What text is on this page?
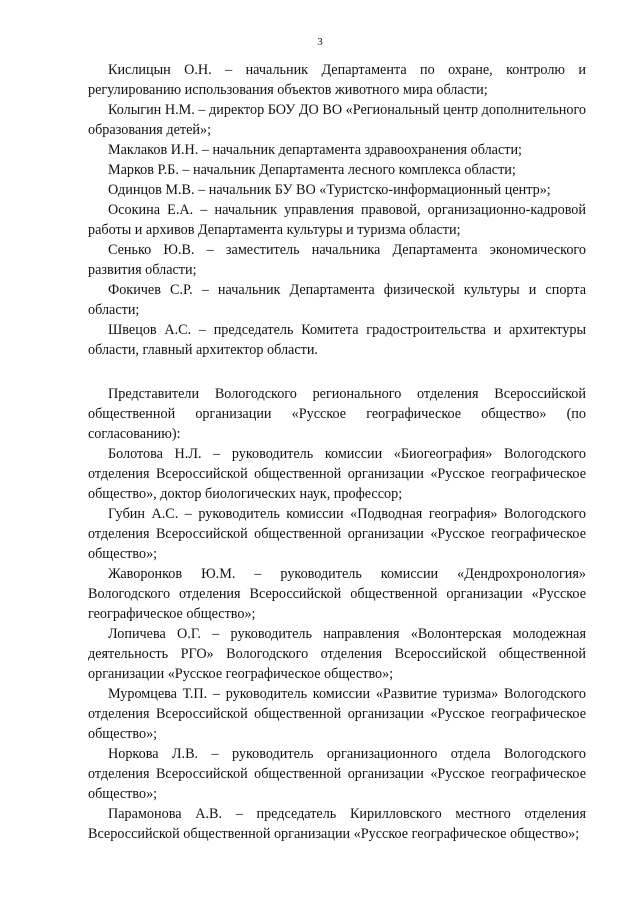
3

Кислицын О.Н. – начальник Департамента по охране, контролю и регулированию использования объектов животного мира области;

Колыгин Н.М. – директор БОУ ДО ВО «Региональный центр дополнительного образования детей»;

Маклаков И.Н. – начальник департамента здравоохранения области;

Марков Р.Б. – начальник Департамента лесного комплекса области;

Одинцов М.В. – начальник БУ ВО «Туристско-информационный центр»;

Осокина Е.А. – начальник управления правовой, организационно-кадровой работы и архивов Департамента культуры и туризма области;

Сенько Ю.В. – заместитель начальника Департамента экономического развития области;

Фокичев С.Р. – начальник Департамента физической культуры и спорта области;

Швецов А.С. – председатель Комитета градостроительства и архитектуры области, главный архитектор области.

Представители Вологодского регионального отделения Всероссийской общественной организации «Русское географическое общество» (по согласованию):

Болотова Н.Л. – руководитель комиссии «Биогеография» Вологодского отделения Всероссийской общественной организации «Русское географическое общество», доктор биологических наук, профессор;

Губин А.С. – руководитель комиссии «Подводная география» Вологодского отделения Всероссийской общественной организации «Русское географическое общество»;

Жаворонков Ю.М. – руководитель комиссии «Дендрохронология» Вологодского отделения Всероссийской общественной организации «Русское географическое общество»;

Лопичева О.Г. – руководитель направления «Волонтерская молодежная деятельность РГО» Вологодского отделения Всероссийской общественной организации «Русское географическое общество»;

Муромцева Т.П. – руководитель комиссии «Развитие туризма» Вологодского отделения Всероссийской общественной организации «Русское географическое общество»;

Норкова Л.В. – руководитель организационного отдела Вологодского отделения Всероссийской общественной организации «Русское географическое общество»;

Парамонова А.В. – председатель Кирилловского местного отделения Всероссийской общественной организации «Русское географическое общество»;
